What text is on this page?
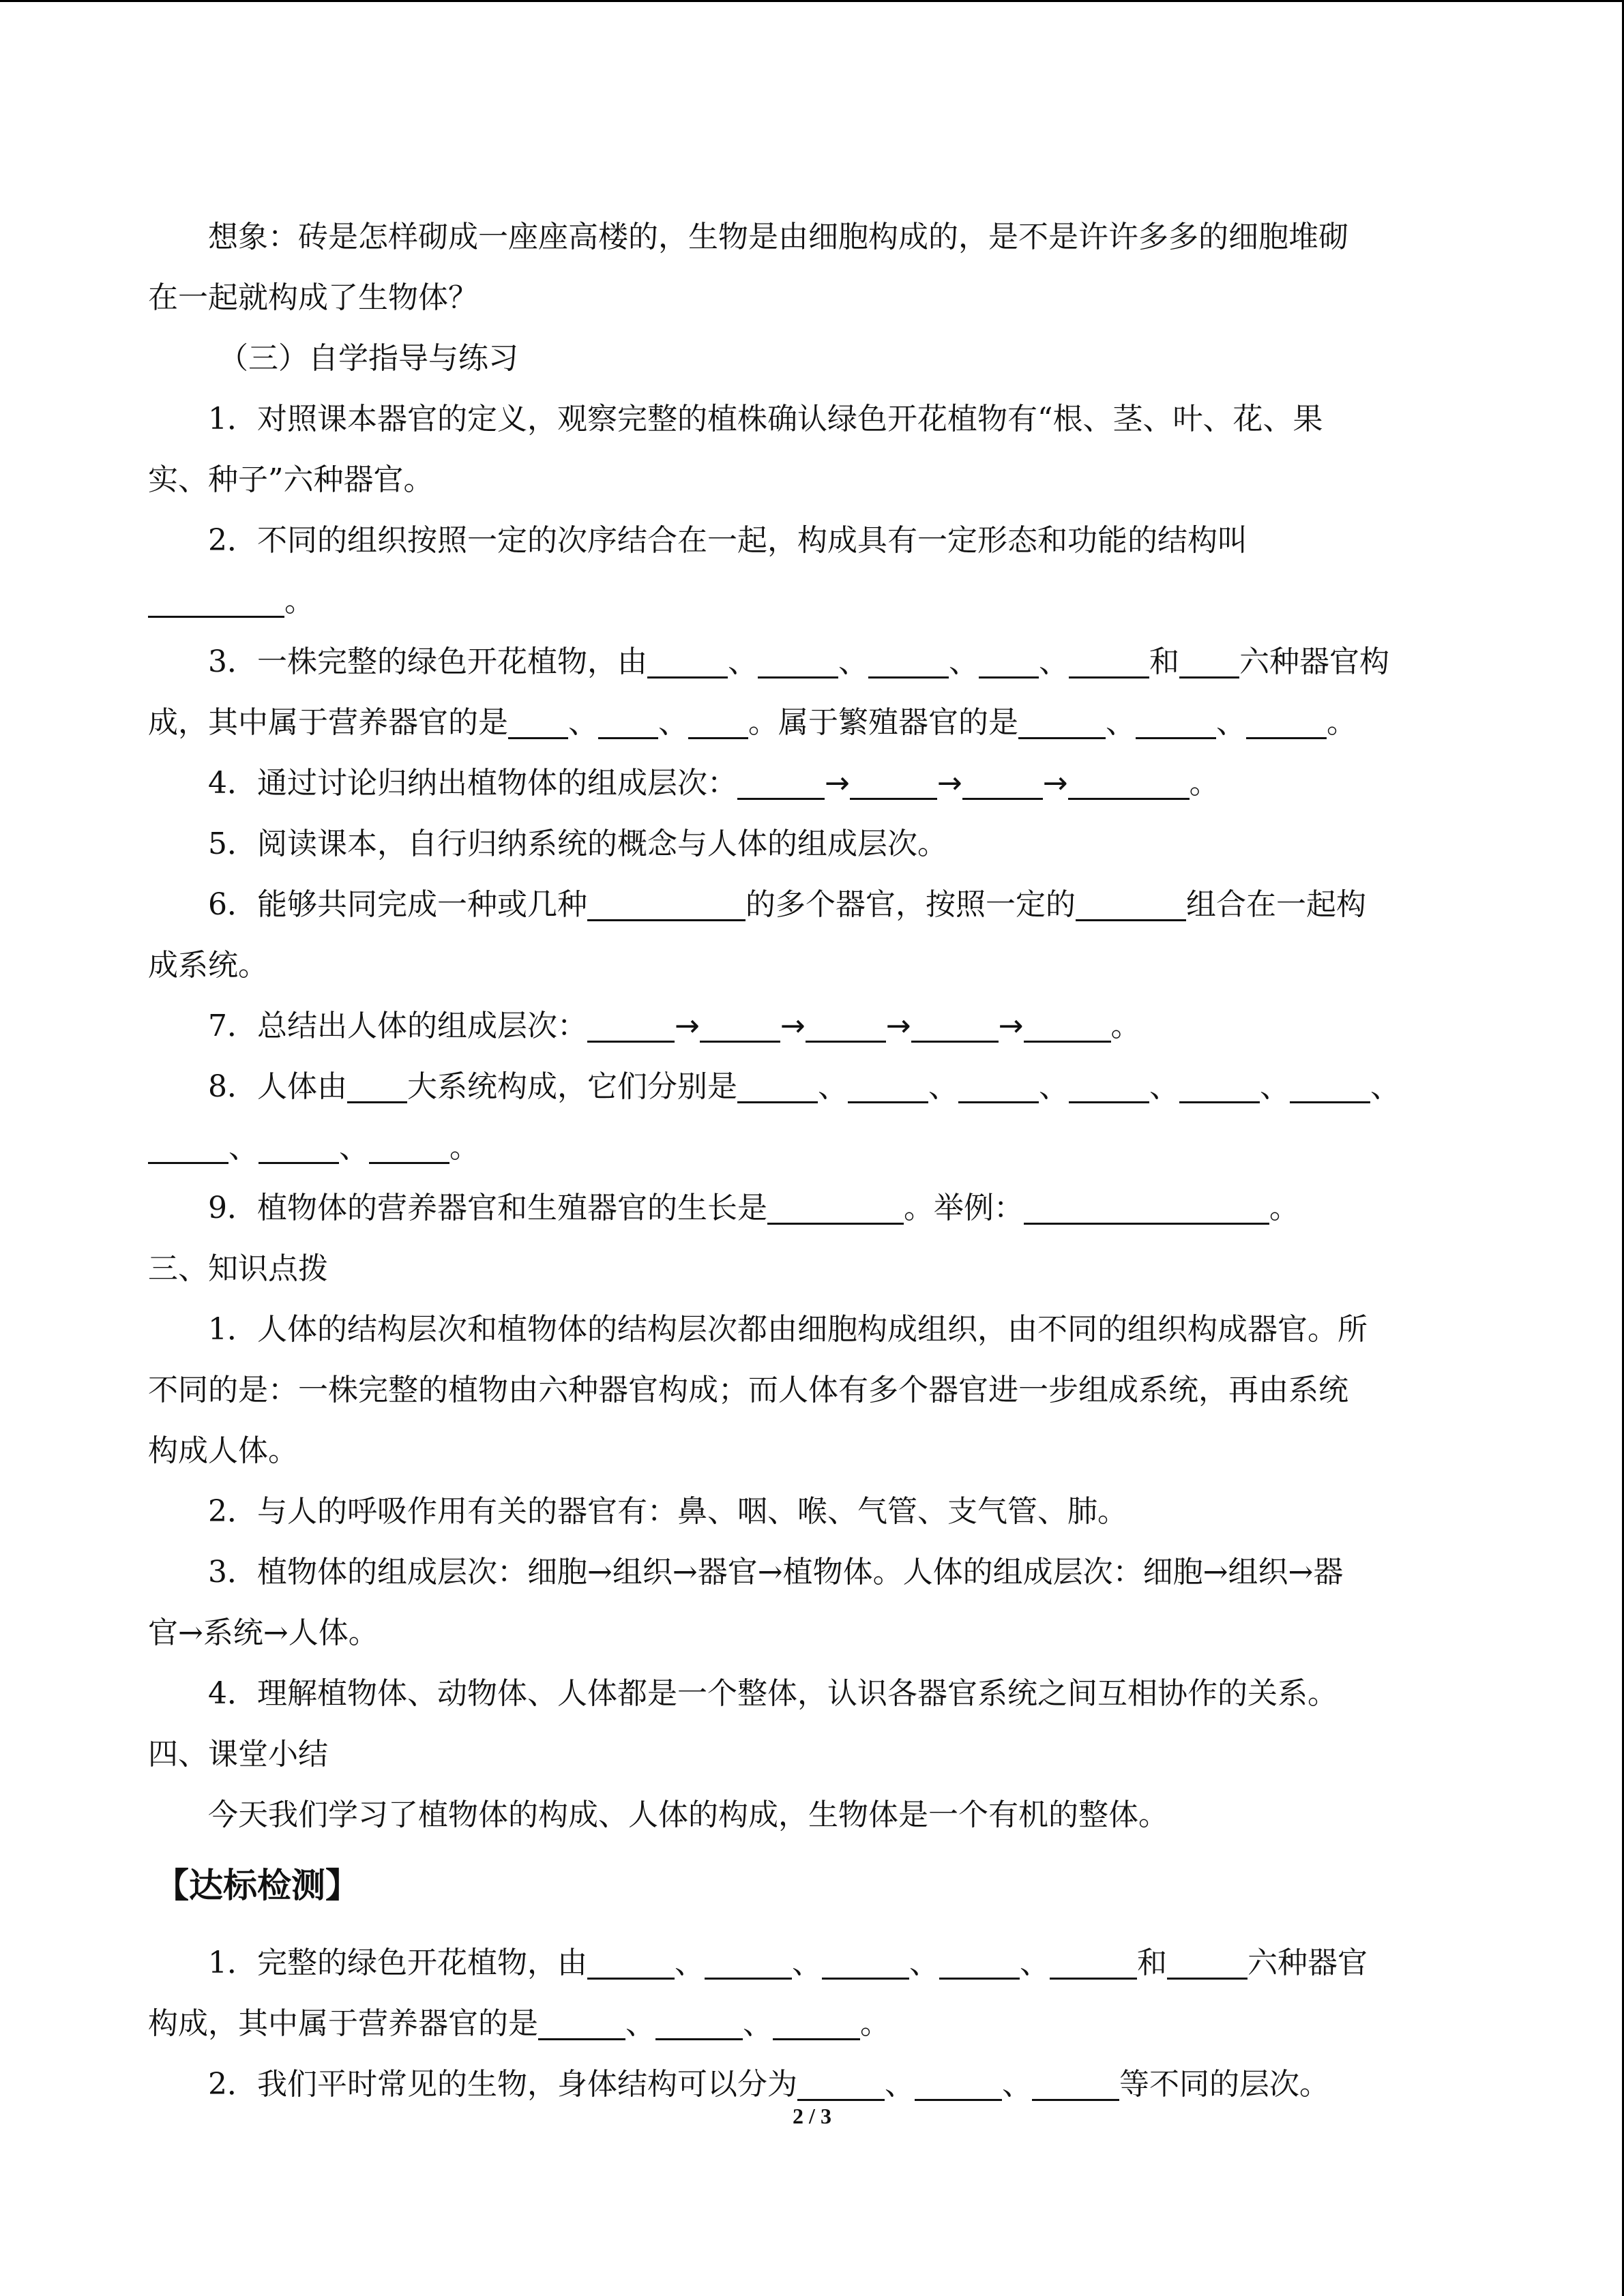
想象：砖是怎样砌成一座座高楼的，生物是由细胞构成的，是不是许许多多的细胞堆砌
在一起就构成了生物体？
（三）自学指导与练习
1．对照课本器官的定义，观察完整的植株确认绿色开花植物有“根、茎、叶、花、果
实、种子”六种器官。
2．不同的组织按照一定的次序结合在一起，构成具有一定形态和功能的结构叫
。
3．一株完整的绿色开花植物，由	、	、	、 、	和 六种器官构
成，其中属于营养器官的是 、 、 。属于繁殖器官的是	、	、	。
4．通过讨论归纳出植物体的组成层次：	→	→	→	。
5．阅读课本，自行归纳系统的概念与人体的组成层次。
6．能够共同完成一种或几种	的多个器官，按照一定的	组合在一起构
成系统。
7．总结出人体的组成层次：	→	→	→	→	。
8．人体由 大系统构成，它们分别是	、	、	、	、	、	、
、	、	。
9．植物体的营养器官和生殖器官的生长是	。举例：	。
三、知识点拨
1．人体的结构层次和植物体的结构层次都由细胞构成组织，由不同的组织构成器官。所
不同的是：一株完整的植物由六种器官构成；而人体有多个器官进一步组成系统，再由系统
构成人体。
2．与人的呼吸作用有关的器官有：鼻、咽、喉、气管、支气管、肺。
3．植物体的组成层次：细胞→组织→器官→植物体。人体的组成层次：细胞→组织→器
官→系统→人体。
4．理解植物体、动物体、人体都是一个整体，认识各器官系统之间互相协作的关系。
四、课堂小结
今天我们学习了植物体的构成、人体的构成，生物体是一个有机的整体。
【达标检测】
1．完整的绿色开花植物，由	、	、	、	、	和	六种器官
构成，其中属于营养器官的是	、	、	。
2．我们平时常见的生物，身体结构可以分为	、	、	等不同的层次。
2 / 3
